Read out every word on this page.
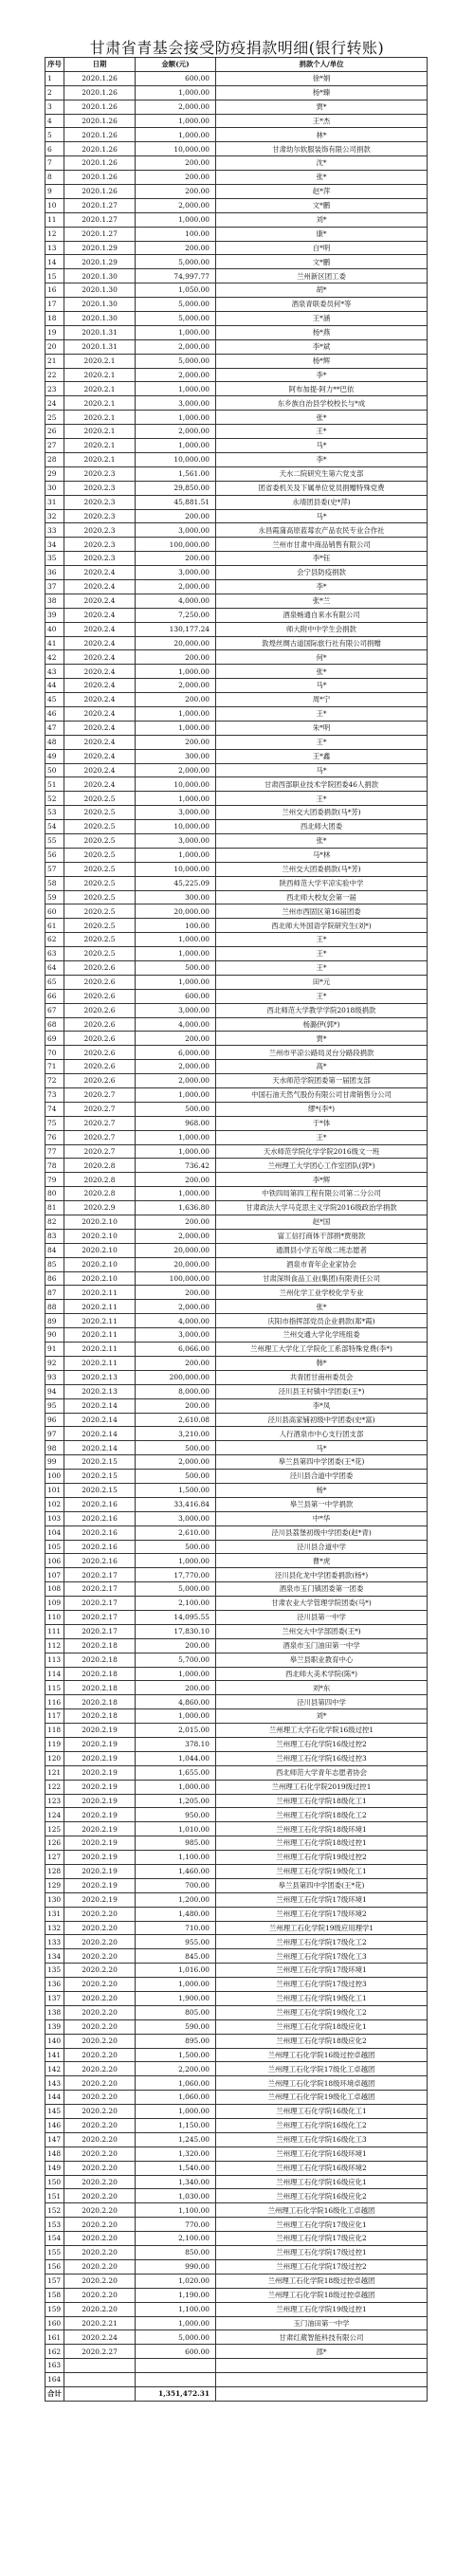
甘肃省青基会接受防疫捐款明细(银行转账)
序号	日期	金额(元)	捐款个人/单位
1	2020.1.26	600.00	徐*娟
2	2020.1.26	1,000.00	杨*臻
3	2020.1.26	2,000.00	贾*
4	2020.1.26	1,000.00	王*杰
5	2020.1.26	1,000.00	林*
6	2020.1.26	10,000.00	甘肃幼尔软服装饰有限公司捐款
7	2020.1.26	200.00	沈*
8	2020.1.26	200.00	张*
9	2020.1.26	200.00	赵*萍
10	2020.1.27	2,000.00	文*鹏
11	2020.1.27	1,000.00	刘*
12	2020.1.27	100.00	康*
13	2020.1.29	200.00	白*明
14	2020.1.29	5,000.00	文*鹏
15	2020.1.30	74,997.77	兰州新区团工委
16	2020.1.30	1,050.00	胡*
17	2020.1.30	5,000.00	酒泉青联委员何*等
18	2020.1.30	5,000.00	王*涵
19	2020.1.31	1,000.00	杨*燕
20	2020.1.31	2,000.00	李*斌
21	2020.2.1	5,000.00	杨*辉
22	2020.2.1	2,000.00	李*
23	2020.2.1	1,000.00	阿布加提·阿力**巴依
24	2020.2.1	3,000.00	东乡族自治县学校校长与*成
25	2020.2.1	1,000.00	张*
26	2020.2.1	2,000.00	王*
27	2020.2.1	1,000.00	马*
28	2020.2.1	10,000.00	李*
29	2020.2.3	1,561.00	天水二院研究生第六党支部
30	2020.2.3	29,850.00	团省委机关及下属单位党员捐赠特殊党费
31	2020.2.3	45,881.51	永靖团县委(史*萍)
32	2020.2.3	200.00	马*
33	2020.2.3	3,000.00	永昌霞蒲高原蓝莓农产品农民专业合作社
34	2020.2.3	100,000.00	兰州市甘肃中商品销售有限公司
35	2020.2.3	200.00	李*钰
36	2020.2.4	3,000.00	会宁县防疫捐款
37	2020.2.4	2,000.00	李*
38	2020.2.4	4,000.00	张*兰
39	2020.2.4	7,250.00	酒泉畅通自来水有限公司
40	2020.2.4	130,177.24	师大附中中学生会捐款
41	2020.2.4	20,000.00	敦煌丝绸古道国际旅行社有限公司捐赠
42	2020.2.4	200.00	何*
43	2020.2.4	1,000.00	张*
44	2020.2.4	2,000.00	马*
45	2020.2.4	200.00	周*宁
46	2020.2.4	1,000.00	王*
47	2020.2.4	1,000.00	朱*明
48	2020.2.4	200.00	王*
49	2020.2.4	300.00	王*鑫
50	2020.2.4	2,000.00	马*
51	2020.2.4	10,000.00	甘肃西部职业技术学院团委46人捐款
52	2020.2.5	1,000.00	王*
53	2020.2.5	3,000.00	兰州交大团委捐款(马*芳)
54	2020.2.5	10,000.00	西北师大团委
55	2020.2.5	3,000.00	张*
56	2020.2.5	1,000.00	马*林
57	2020.2.5	10,000.00	兰州交大团委捐款(马*芳)
58	2020.2.5	45,225.09	陕西师范大学平凉实验中学
59	2020.2.5	300.00	西北师大校友会第一届
60	2020.2.5	20,000.00	兰州市西固区第16届团委
61	2020.2.5	100.00	西北师大外国语学院研究生(刘*)
62	2020.2.5	1,000.00	王*
63	2020.2.5	1,000.00	王*
64	2020.2.6	500.00	王*
65	2020.2.6	1,000.00	田*元
66	2020.2.6	600.00	王*
67	2020.2.6	3,000.00	西北师范大学教学学院2018级捐款
68	2020.2.6	4,000.00	杨潞伊(郭*)
69	2020.2.6	200.00	贾*
70	2020.2.6	6,000.00	兰州市平凉公路局灵台分路段捐款
71	2020.2.6	2,000.00	高*
72	2020.2.6	2,000.00	天水师范学院团委第一届团支部
73	2020.2.7	1,000.00	中国石油天然气股份有限公司甘肃销售分公司
74	2020.2.7	500.00	缪*(李*)
75	2020.2.7	968.00	于*体
76	2020.2.7	1,000.00	王*
77	2020.2.7	1,000.00	天水师范学院化学学院2016级文一班
78	2020.2.8	736.42	兰州理工大学团心工作室团队(郭*)
79	2020.2.8	200.00	李*辉
80	2020.2.8	1,000.00	中铁四局第四工程有限公司第二分公司
81	2020.2.9	1,636.80	甘肃政法大学马克思主义学院2016级政治学捐款
82	2020.2.10	200.00	赵*国
83	2020.2.10	2,000.00	富工信打商体干部捐*贾朋款
84	2020.2.10	20,000.00	通渭县小学五年级二班志愿者
85	2020.2.10	20,000.00	酒泉市青年企业家协会
86	2020.2.10	100,000.00	甘肃深圳食品工业(集团)有限责任公司
87	2020.2.11	200.00	兰州化学工业学校化学专业
88	2020.2.11	2,000.00	张*
89	2020.2.11	4,000.00	庆阳市指挥部党员企业捐款(郑*霞)
90	2020.2.11	3,000.00	兰州交通大学化学班组委
91	2020.2.11	6,066.00	兰州理工大学化工学院化工系部特殊党费(李*)
92	2020.2.11	200.00	韩*
93	2020.2.13	200,000.00	共青团甘南州委员会
94	2020.2.13	8,000.00	泾川县王村镇中学团委(王*)
95	2020.2.14	200.00	李*凤
96	2020.2.14	2,610.08	泾川县高家铺初级中学团委(史*富)
97	2020.2.14	3,210.00	人行酒泉市中心支行团支部
98	2020.2.14	500.00	马*
99	2020.2.15	2,000.00	皋兰县第四中学团委(王*花)
100	2020.2.15	500.00	泾川县合道中学团委
101	2020.2.15	1,500.00	杨*
102	2020.2.16	33,416.84	皋兰县第一中学捐款
103	2020.2.16	3,000.00	中*华
104	2020.2.16	2,610.00	泾川县荔堡初级中学团委(赵*青)
105	2020.2.16	500.00	泾川县合道中学
106	2020.2.16	1,000.00	曹*虎
107	2020.2.17	17,770.00	泾川县化龙中学团委捐款(杨*)
108	2020.2.17	5,000.00	酒泉市玉门镇团委第一团委
109	2020.2.17	2,100.00	甘肃农业大学管理学院团委(马*)
110	2020.2.17	14,095.55	泾川县第一中学
111	2020.2.17	17,830.10	兰州交大中学部团委(王*)
112	2020.2.18	200.00	酒泉市玉门油田第一中学
113	2020.2.18	5,700.00	皋兰县职业教育中心
114	2020.2.18	1,000.00	西北师大美术学院(陈*)
115	2020.2.18	200.00	刘*东
116	2020.2.18	4,860.00	泾川县第四中学
117	2020.2.18	1,000.00	刘*
118	2020.2.19	2,015.00	兰州理工大学石化学院16级过控1
119	2020.2.19	378.10	兰州理工石化学院16级过控2
120	2020.2.19	1,044.00	兰州理工石化学院16级过控3
121	2020.2.19	1,655.00	西北师范大学青年志愿者协会
122	2020.2.19	1,000.00	兰州理工石化学院2019级过控1
123	2020.2.19	1,205.00	兰州理工石化学院18级化工1
124	2020.2.19	950.00	兰州理工石化学院18级化工2
125	2020.2.19	1,010.00	兰州理工石化学院18级环境1
126	2020.2.19	985.00	兰州理工石化学院18级过控1
127	2020.2.19	1,100.00	兰州理工石化学院19级过控2
128	2020.2.19	1,460.00	兰州理工石化学院19级化工1
129	2020.2.19	700.00	皋兰县第四中学团委(王*花)
130	2020.2.19	1,200.00	兰州理工石化学院17级环境1
131	2020.2.20	1,480.00	兰州理工石化学院17级环境2
132	2020.2.20	710.00	兰州理工石化学院19级应用理学1
133	2020.2.20	955.00	兰州理工石化学院17级化工2
134	2020.2.20	845.00	兰州理工石化学院17级化工3
135	2020.2.20	1,016.00	兰州理工石化学院17级环境1
136	2020.2.20	1,000.00	兰州理工石化学院17级过控3
137	2020.2.20	1,900.00	兰州理工石化学院19级化工1
138	2020.2.20	805.00	兰州理工石化学院19级化工2
139	2020.2.20	590.00	兰州理工石化学院18级应化1
140	2020.2.20	895.00	兰州理工石化学院18级应化2
141	2020.2.20	1,500.00	兰州理工石化学院16级过控卓越团
142	2020.2.20	2,200.00	兰州理工石化学院17级化工卓越团
143	2020.2.20	1,060.00	兰州理工石化学院18级环境卓越团
144	2020.2.20	1,060.00	兰州理工石化学院19级化工卓越团
145	2020.2.20	1,000.00	兰州理工石化学院16级化工1
146	2020.2.20	1,150.00	兰州理工石化学院16级化工2
147	2020.2.20	1,245.00	兰州理工石化学院16级化工3
148	2020.2.20	1,320.00	兰州理工石化学院16级环境1
149	2020.2.20	1,540.00	兰州理工石化学院16级环境2
150	2020.2.20	1,340.00	兰州理工石化学院16级应化1
151	2020.2.20	1,030.00	兰州理工石化学院16级应化2
152	2020.2.20	1,100.00	兰州理工石化学院16级化工卓越团
153	2020.2.20	770.00	兰州理工石化学院17级应化1
154	2020.2.20	2,100.00	兰州理工石化学院17级应化2
155	2020.2.20	850.00	兰州理工石化学院17级过控1
156	2020.2.20	990.00	兰州理工石化学院17级过控2
157	2020.2.20	1,020.00	兰州理工石化学院18级过控卓越团
158	2020.2.20	1,190.00	兰州理工石化学院18级过控卓越团
159	2020.2.20	1,100.00	兰州理工石化学院19级过控1
160	2020.2.21	1,000.00	玉门油田第一中学
161	2020.2.24	5,000.00	甘肃红葳智能科技有限公司
162	2020.2.27	600.00	邵*
163			
164			
合计		1,351,472.31	
